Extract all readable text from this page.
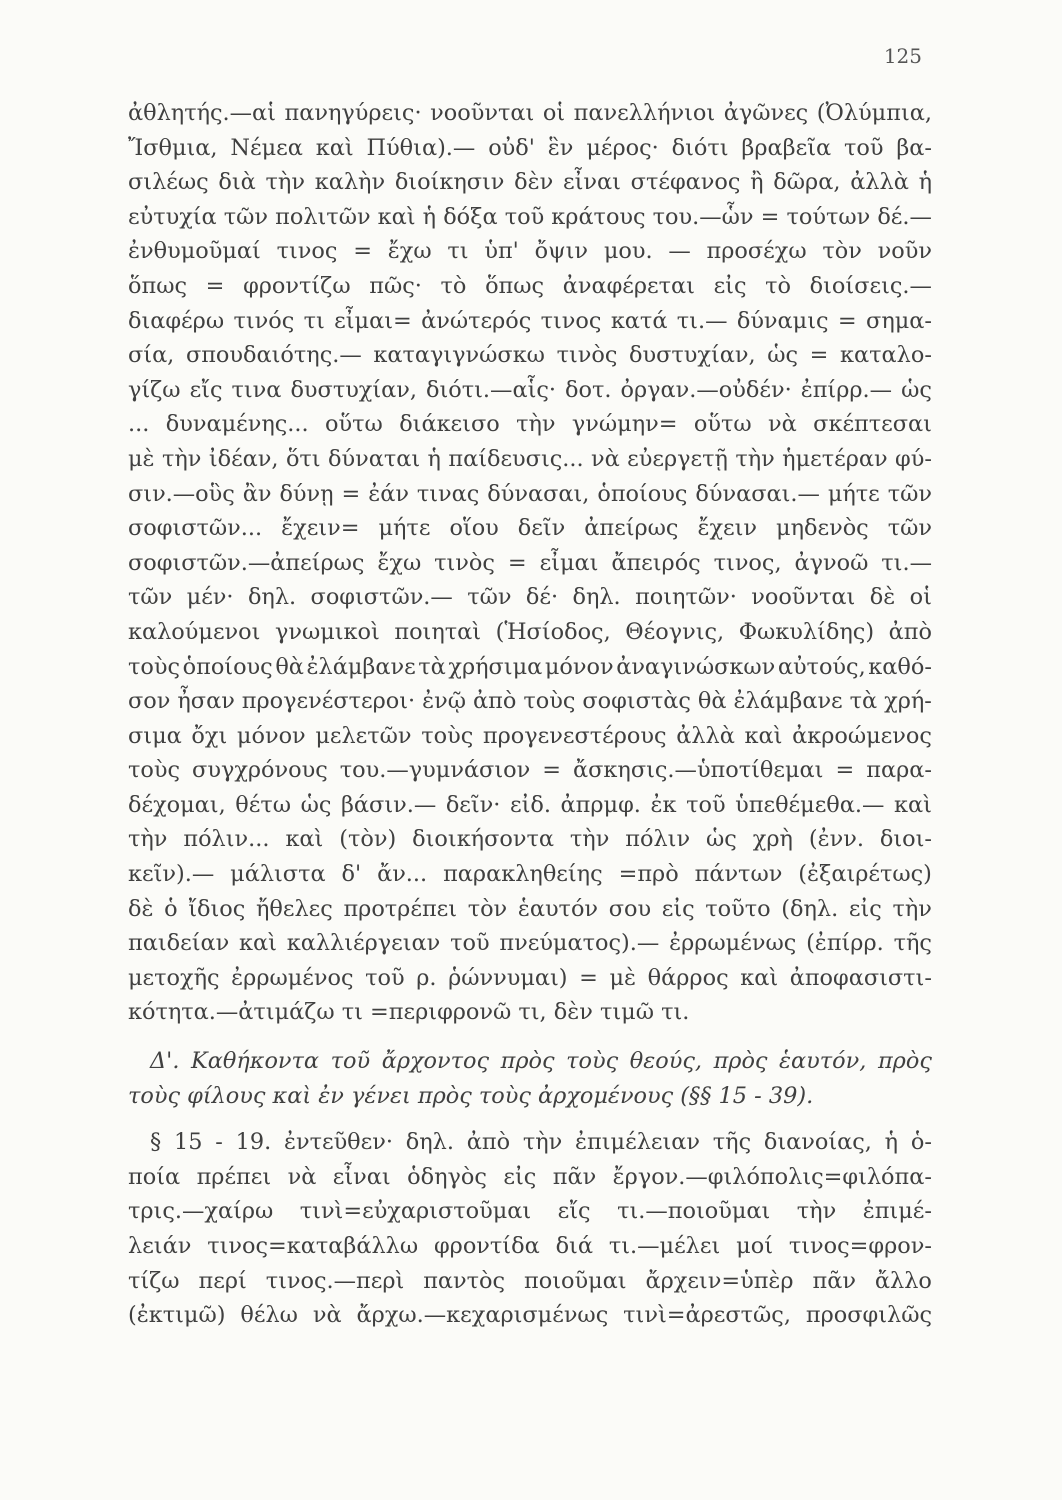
125
ἀθλητής.—αἱ πανηγύρεις· νοοῦνται οἱ πανελλήνιοι ἀγῶνες (Ὀλύμπια,
Ἴσθμια, Νέμεα καὶ Πύθια).— οὐδ' ἓν μέρος· διότι βραβεῖα τοῦ βα-
σιλέως διὰ τὴν καλὴν διοίκησιν δὲν εἶναι στέφανος ἢ δῶρα, ἀλλὰ ἡ
εὐτυχία τῶν πολιτῶν καὶ ἡ δόξα τοῦ κράτους του.—ὧν = τούτων δέ.—
ἐνθυμοῦμαί τινος = ἔχω τι ὑπ' ὄψιν μου. — προσέχω τὸν νοῦν
ὅπως = φροντίζω πῶς· τὸ ὅπως ἀναφέρεται εἰς τὸ διοίσεις.—
διαφέρω τινός τι εἶμαι= ἀνώτερός τινος κατά τι.— δύναμις = σημα-
σία, σπουδαιότης.— καταγιγνώσκω τινὸς δυστυχίαν, ὡς = καταλο-
γίζω εἴς τινα δυστυχίαν, διότι.—αἷς· δοτ. ὀργαν.—οὐδέν· ἐπίρρ.— ὡς
... δυναμένης... οὕτω διάκεισο τὴν γνώμην= οὕτω νὰ σκέπτεσαι
μὲ τὴν ἰδέαν, ὅτι δύναται ἡ παίδευσις... νὰ εὐεργετῇ τὴν ἡμετέραν φύ-
σιν.—οὓς ἂν δύνῃ = ἐάν τινας δύνασαι, ὁποίους δύνασαι.— μήτε τῶν
σοφιστῶν... ἔχειν= μήτε οἵου δεῖν ἀπείρως ἔχειν μηδενὸς τῶν
σοφιστῶν.—ἀπείρως ἔχω τινὸς = εἶμαι ἄπειρός τινος, ἀγνοῶ τι.—
τῶν μέν· δηλ. σοφιστῶν.— τῶν δέ· δηλ. ποιητῶν· νοοῦνται δὲ οἱ
καλούμενοι γνωμικοὶ ποιηταὶ (Ἡσίοδος, Θέογνις, Φωκυλίδης) ἀπὸ
τοὺς ὁποίους θὰ ἐλάμβανε τὰ χρήσιμα μόνον ἀναγινώσκων αὐτούς, καθό-
σον ἦσαν προγενέστεροι· ἐνῷ ἀπὸ τοὺς σοφιστὰς θὰ ἐλάμβανε τὰ χρή-
σιμα ὄχι μόνον μελετῶν τοὺς προγενεστέρους ἀλλὰ καὶ ἀκροώμενος
τοὺς συγχρόνους του.—γυμνάσιον = ἄσκησις.—ὑποτίθεμαι = παρα-
δέχομαι, θέτω ὡς βάσιν.— δεῖν· εἰδ. ἀπρμφ. ἐκ τοῦ ὑπεθέμεθα.— καὶ
τὴν πόλιν... καὶ (τὸν) διοικήσοντα τὴν πόλιν ὡς χρὴ (ἐνν. διοι-
κεῖν).— μάλιστα δ' ἄν... παρακληθείης =πρὸ πάντων (ἐξαιρέτως)
δὲ ὁ ἴδιος ἤθελες προτρέπει τὸν ἑαυτόν σου εἰς τοῦτο (δηλ. εἰς τὴν
παιδείαν καὶ καλλιέργειαν τοῦ πνεύματος).— ἐρρωμένως (ἐπίρρ. τῆς
μετοχῆς ἐρρωμένος τοῦ ρ. ῥώννυμαι) = μὲ θάρρος καὶ ἀποφασιστι-
κότητα.—ἀτιμάζω τι =περιφρονῶ τι, δὲν τιμῶ τι.
Δ'. Καθήκοντα τοῦ ἄρχοντος πρὸς τοὺς θεούς, πρὸς ἑαυτόν, πρὸς
τοὺς φίλους καὶ ἐν γένει πρὸς τοὺς ἀρχομένους (§§ 15 - 39).
§ 15 - 19. ἐντεῦθεν· δηλ. ἀπὸ τὴν ἐπιμέλειαν τῆς διανοίας, ἡ ὁ-
ποία πρέπει νὰ εἶναι ὁδηγὸς εἰς πᾶν ἔργον.—φιλόπολις=φιλόπα-
τρις.—χαίρω τινὶ=εὐχαριστοῦμαι εἴς τι.—ποιοῦμαι τὴν ἐπιμέ-
λειάν τινος=καταβάλλω φροντίδα διά τι.—μέλει μοί τινος=φρον-
τίζω περί τινος.—περὶ παντὸς ποιοῦμαι ἄρχειν=ὑπὲρ πᾶν ἄλλο
(ἐκτιμῶ) θέλω νὰ ἄρχω.—κεχαρισμένως τινὶ=ἀρεστῶς, προσφιλῶς
